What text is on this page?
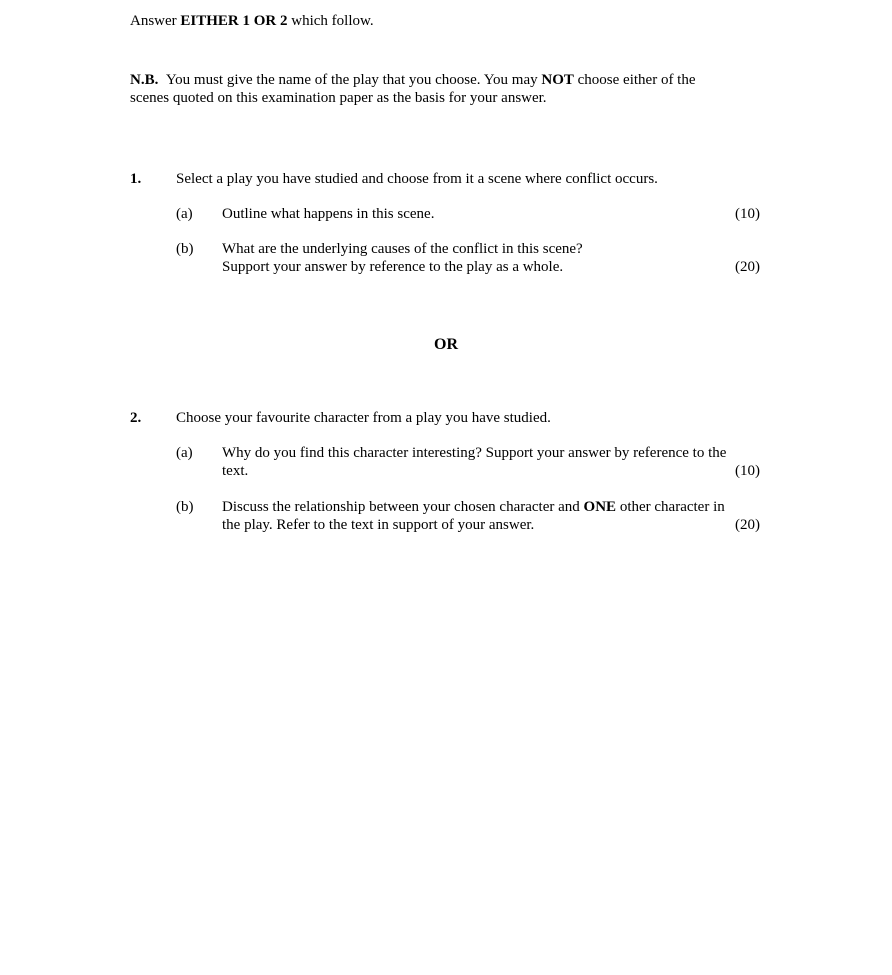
Answer EITHER 1 OR 2 which follow.
N.B. You must give the name of the play that you choose. You may NOT choose either of the
scenes quoted on this examination paper as the basis for your answer.
1. Select a play you have studied and choose from it a scene where conflict occurs.
(a) Outline what happens in this scene.	(10)
(b) What are the underlying causes of the conflict in this scene?
Support your answer by reference to the play as a whole.	(20)
OR
2. Choose your favourite character from a play you have studied.
(a) Why do you find this character interesting? Support your answer by reference to the
text.	(10)
(b) Discuss the relationship between your chosen character and ONE other character in
the play. Refer to the text in support of your answer.	(20)
